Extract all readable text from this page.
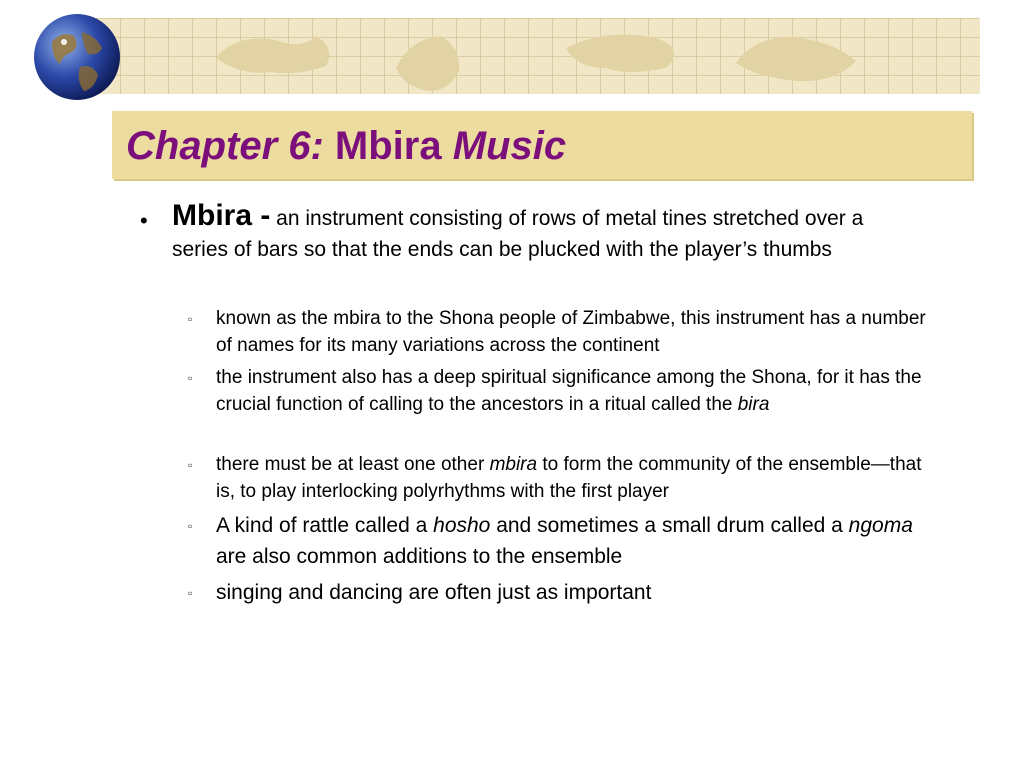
Chapter 6: Mbira Music
• Mbira - an instrument consisting of rows of metal tines stretched over a series of bars so that the ends can be plucked with the player’s thumbs
▫ known as the mbira to the Shona people of Zimbabwe, this instrument has a number of names for its many variations across the continent
▫ the instrument also has a deep spiritual significance among the Shona, for it has the crucial function of calling to the ancestors in a ritual called the bira
▫ there must be at least one other mbira to form the community of the ensemble—that is, to play interlocking polyrhythms with the first player
▫ A kind of rattle called a hosho and sometimes a small drum called a ngoma are also common additions to the ensemble
▫ singing and dancing are often just as important
